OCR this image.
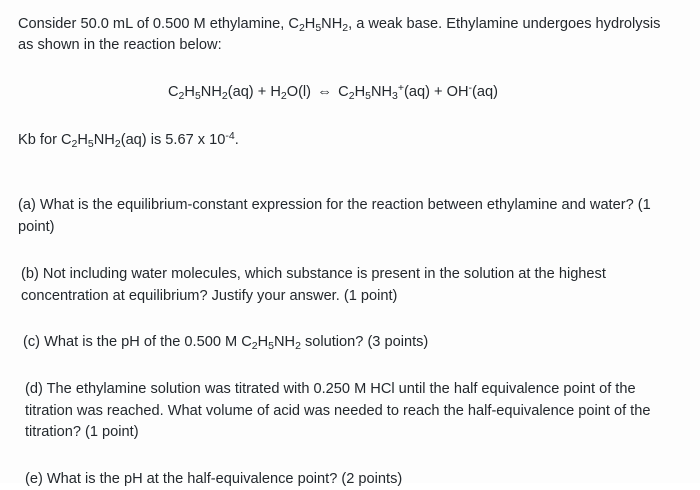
Consider 50.0 mL of 0.500 M ethylamine, $C_2H_5NH_2$, a weak base. Ethylamine undergoes hydrolysis as shown in the reaction below:

$C_2H_5NH_2(aq) + H_2O(l)$ ⇔ $C_2H_5NH_3^+(aq) + OH^-(aq)$

Kb for $C_2H_5NH_2(aq)$ is 5.67 x $10^{-4}$.

(a) What is the equilibrium-constant expression for the reaction between ethylamine and water? (1 point)

(b) Not including water molecules, which substance is present in the solution at the highest concentration at equilibrium? Justify your answer. (1 point)

(c) What is the pH of the 0.500 M $C_2H_5NH_2$ solution? (3 points)

(d) The ethylamine solution was titrated with 0.250 M HCl until the half equivalence point of the titration was reached. What volume of acid was needed to reach the half-equivalence point of the titration? (1 point)

(e) What is the pH at the half-equivalence point? (2 points)
